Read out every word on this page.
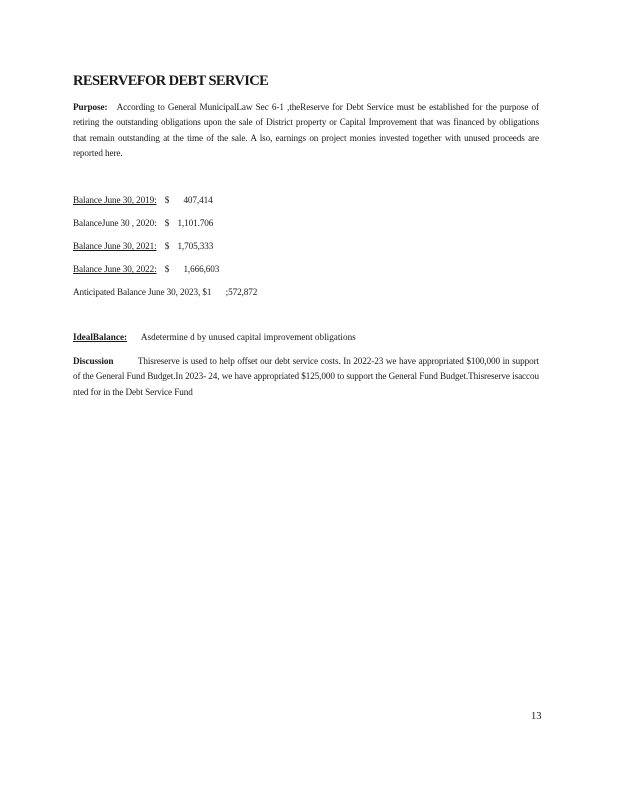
RESERVEFOR DEBT SERVICE
Purpose: According to General MunicipalLaw Sec 6-1 ,theReserve for Debt Service must be established for the purpose of retiring the outstanding obligations upon the sale of District property or Capital Improvement that was financed by obligations that remain outstanding at the time of the sale. A lso, earnings on project monies invested together with unused proceeds are reported here.
Balance June 30, 2019: $ 407,414
BalanceJune 30 , 2020: $ 1,101.706
Balance June 30, 2021: $ 1,705,333
Balance June 30, 2022: $ 1,666,603
Anticipated Balance June 30, 2023, $1 ;572,872
IdealBalance: Asdetermine d by unused capital improvement obligations
Discussion	Thisreserve is used to help offset our debt service costs. In 2022-23 we have appropriated $100,000 in support of the General Fund Budget.In 2023- 24, we have appropriated $125,000 to support the General Fund Budget.Thisreserve isaccou nted for in the Debt Service Fund
13
